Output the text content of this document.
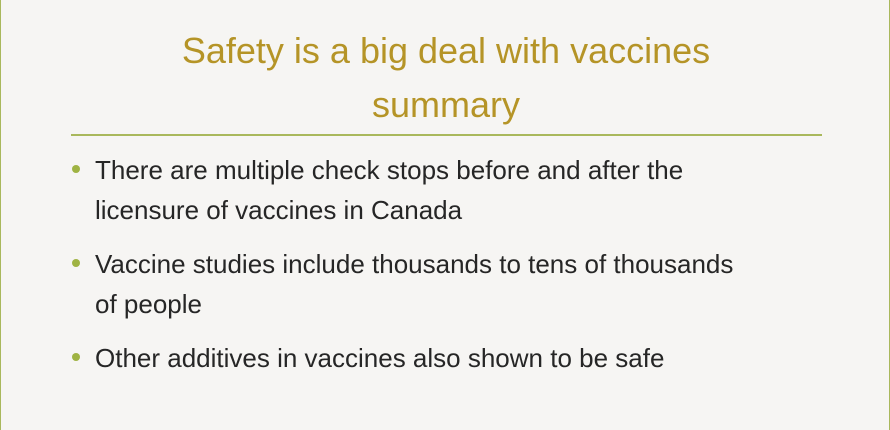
Safety is a big deal with vaccines
summary
There are multiple check stops before and after the
licensure of vaccines in Canada
Vaccine studies include thousands to tens of thousands
of people
Other additives in vaccines also shown to be safe
